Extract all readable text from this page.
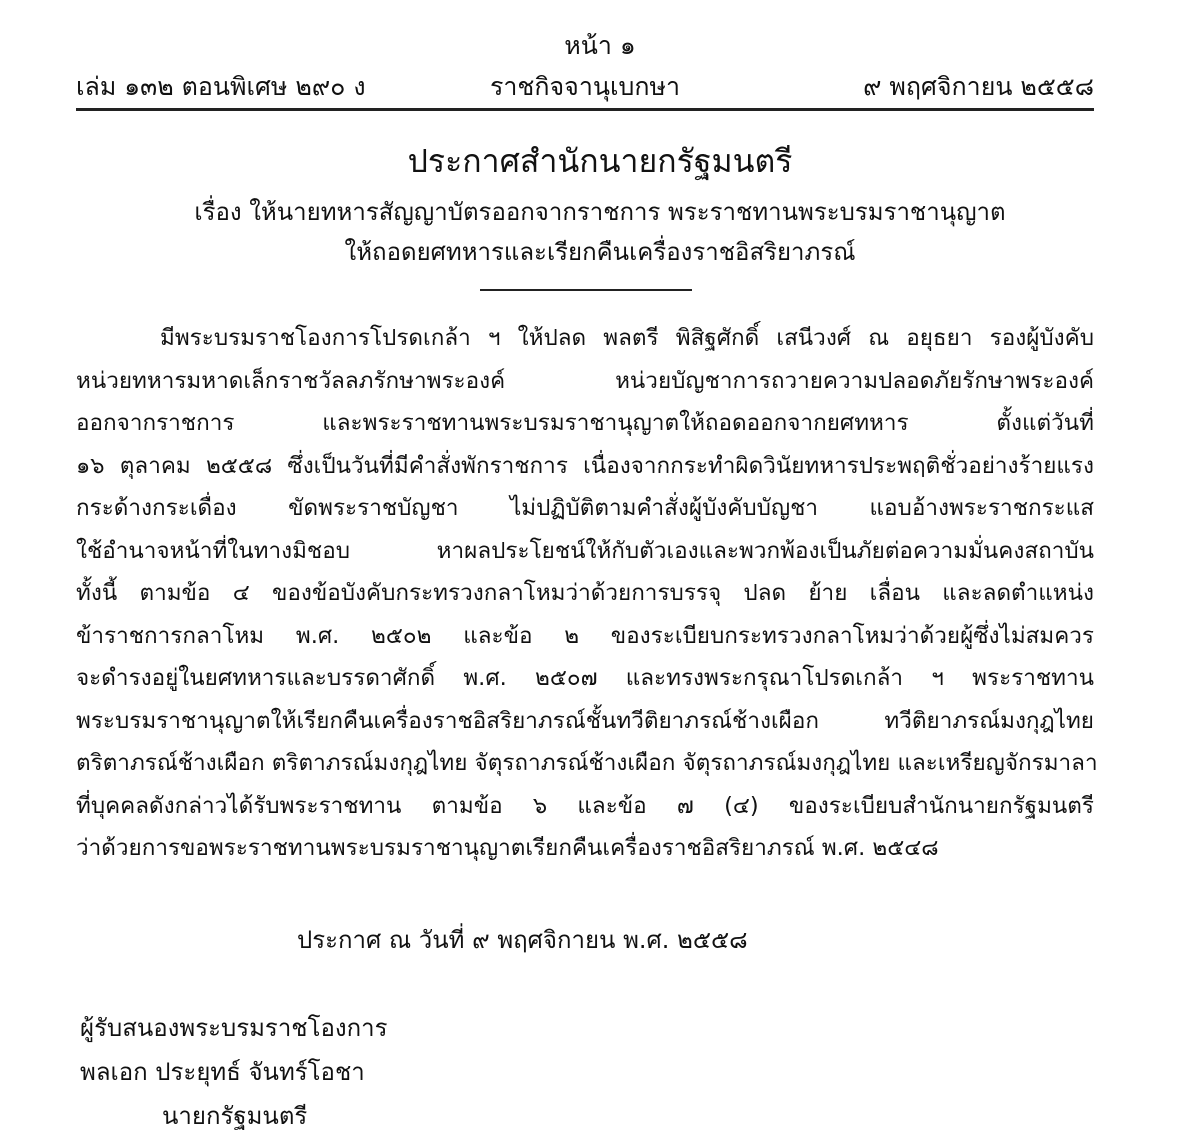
หน้า ๑
เล่ม ๑๓๒ ตอนพิเศษ ๒๙๐ ง	ราชกิจจานุเบกษา	๙ พฤศจิกายน ๒๕๕๘
ประกาศสำนักนายกรัฐมนตรี
เรื่อง ให้นายทหารสัญญาบัตรออกจากราชการ พระราชทานพระบรมราชานุญาต
ให้ถอดยศทหารและเรียกคืนเครื่องราชอิสริยาภรณ์
มีพระบรมราชโองการโปรดเกล้า ฯ ให้ปลด พลตรี พิสิฐศักดิ์ เสนีวงศ์ ณ อยุธยา รองผู้บังคับ
หน่วยทหารมหาดเล็กราชวัลลภรักษาพระองค์ หน่วยบัญชาการถวายความปลอดภัยรักษาพระองค์
ออกจากราชการ และพระราชทานพระบรมราชานุญาตให้ถอดออกจากยศทหาร ตั้งแต่วันที่
๑๖ ตุลาคม ๒๕๕๘ ซึ่งเป็นวันที่มีคำสั่งพักราชการ เนื่องจากกระทำผิดวินัยทหารประพฤติชั่วอย่างร้ายแรง
กระด้างกระเดื่อง ขัดพระราชบัญชา ไม่ปฏิบัติตามคำสั่งผู้บังคับบัญชา แอบอ้างพระราชกระแส
ใช้อำนาจหน้าที่ในทางมิชอบ หาผลประโยชน์ให้กับตัวเองและพวกพ้องเป็นภัยต่อความมั่นคงสถาบัน
ทั้งนี้ ตามข้อ ๔ ของข้อบังคับกระทรวงกลาโหมว่าด้วยการบรรจุ ปลด ย้าย เลื่อน และลดตำแหน่ง
ข้าราชการกลาโหม พ.ศ. ๒๕๐๒ และข้อ ๒ ของระเบียบกระทรวงกลาโหมว่าด้วยผู้ซึ่งไม่สมควร
จะดำรงอยู่ในยศทหารและบรรดาศักดิ์ พ.ศ. ๒๕๐๗ และทรงพระกรุณาโปรดเกล้า ฯ พระราชทาน
พระบรมราชานุญาตให้เรียกคืนเครื่องราชอิสริยาภรณ์ชั้นทวีติยาภรณ์ช้างเผือก ทวีติยาภรณ์มงกุฎไทย
ตริตาภรณ์ช้างเผือก ตริตาภรณ์มงกุฎไทย จัตุรถาภรณ์ช้างเผือก จัตุรถาภรณ์มงกุฎไทย และเหรียญจักรมาลา
ที่บุคคลดังกล่าวได้รับพระราชทาน ตามข้อ ๖ และข้อ ๗ (๔) ของระเบียบสำนักนายกรัฐมนตรี
ว่าด้วยการขอพระราชทานพระบรมราชานุญาตเรียกคืนเครื่องราชอิสริยาภรณ์ พ.ศ. ๒๕๔๘
ประกาศ ณ วันที่ ๙ พฤศจิกายน พ.ศ. ๒๕๕๘
ผู้รับสนองพระบรมราชโองการ
พลเอก ประยุทธ์ จันทร์โอชา
นายกรัฐมนตรี
